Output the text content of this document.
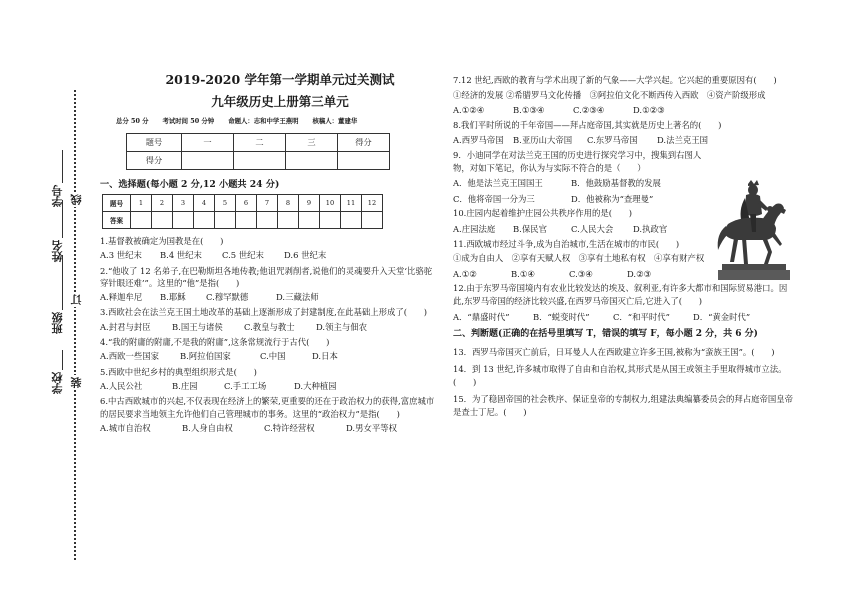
学校
班级
姓名
学号
装
订
线
2019-2020 学年第一学期单元过关测试
九年级历史上册第三单元
总分 50 分 考试时间 50 分钟 命题人：志和中学王燕明 核稿人：董建华
题号	一	二	三	得分
得分				
一、选择题(每小题 2 分,12 小题共 24 分)
题号	1	2	3	4	5	6	7	8	9	10	11	12
答案												
1.基督教被确定为国教是在(　　)
A.3 世纪末	B.4 世纪末	C.5 世纪末	D.6 世纪末
2.“他收了 12 名弟子,在巴勒斯坦各地传教;他诅咒剥削者,说他们的灵魂要升入天堂‘比骆驼穿针眼还难’”。这里的“他”是指(　　)
A.释迦牟尼	B.耶稣	C.穆罕默德	D.三藏法师
3.西欧社会在法兰克王国土地改革的基础上逐渐形成了封建制度,在此基础上形成了(　　)
A.封君与封臣	B.国王与诸侯	C.教皇与教士	D.领主与佃农
4.“我的附庸的附庸,不是我的附庸”,这条常规流行于古代(　　)
A.西欧一些国家	B.阿拉伯国家	C.中国	D.日本
5.西欧中世纪乡村的典型组织形式是(　　)
A.人民公社	B.庄园	C.手工工场	D.大种植园
6.中古西欧城市的兴起,不仅表现在经济上的繁荣,更重要的还在于政治权力的获得,富庶城市的居民要求当地领主允许他们自己管理城市的事务。这里的“政治权力”是指(　　)
A.城市自治权	B.人身自由权	C.特许经营权	D.男女平等权
7.12 世纪,西欧的教育与学术出现了新的气象——大学兴起。它兴起的重要原因有(　　)
①经济的发展 ②希腊罗马文化传播　③阿拉伯文化不断西传入西欧　④资产阶级形成
A.①②④	B.①③④	C.②③④	D.①②③
8.我们平时所说的千年帝国——拜占庭帝国,其实就是历史上著名的(　　)
A.西罗马帝国	B.亚历山大帝国	C.东罗马帝国	D.法兰克王国
9．小迪同学在对法兰克王国的历史进行探究学习中，搜集到右图人物，对如下笔记，你认为与实际不符合的是（　　）
A．他是法兰克王国国王	B．他鼓励基督教的发展
C．他将帝国一分为三	D．他被称为“查理曼”
10.庄园内起着维护庄园公共秩序作用的是(　　)
A.庄园法庭	B.保民官	C.人民大会	D.执政官
11.西欧城市经过斗争,成为自治城市,生活在城市的市民(　　)
①成为自由人　②享有天赋人权　③享有土地私有权　④享有财产权
A.①②	B.①④	C.③④	D.②③
12.由于东罗马帝国境内有农业比较发达的埃及、叙利亚,有许多大都市和国际贸易港口。因此,东罗马帝国的经济比较兴盛,在西罗马帝国灭亡后,它进入了(　　)
A．“鼎盛时代”	B．“蜕变时代”	C．“和平时代”	D．“黄金时代”
二、判断题(正确的在括号里填写 T，错误的填写 F，每小题 2 分，共 6 分)
13．西罗马帝国灭亡前后，日耳曼人人在西欧建立许多王国,被称为“蛮族王国”。(　　)
14．到 13 世纪,许多城市取得了自由和自治权,其形式是从国王或领主手里取得城市立法。(　　)
15．为了稳固帝国的社会秩序、保证皇帝的专制权力,组建法典编纂委员会的拜占庭帝国皇帝是查士丁尼。(　　)
